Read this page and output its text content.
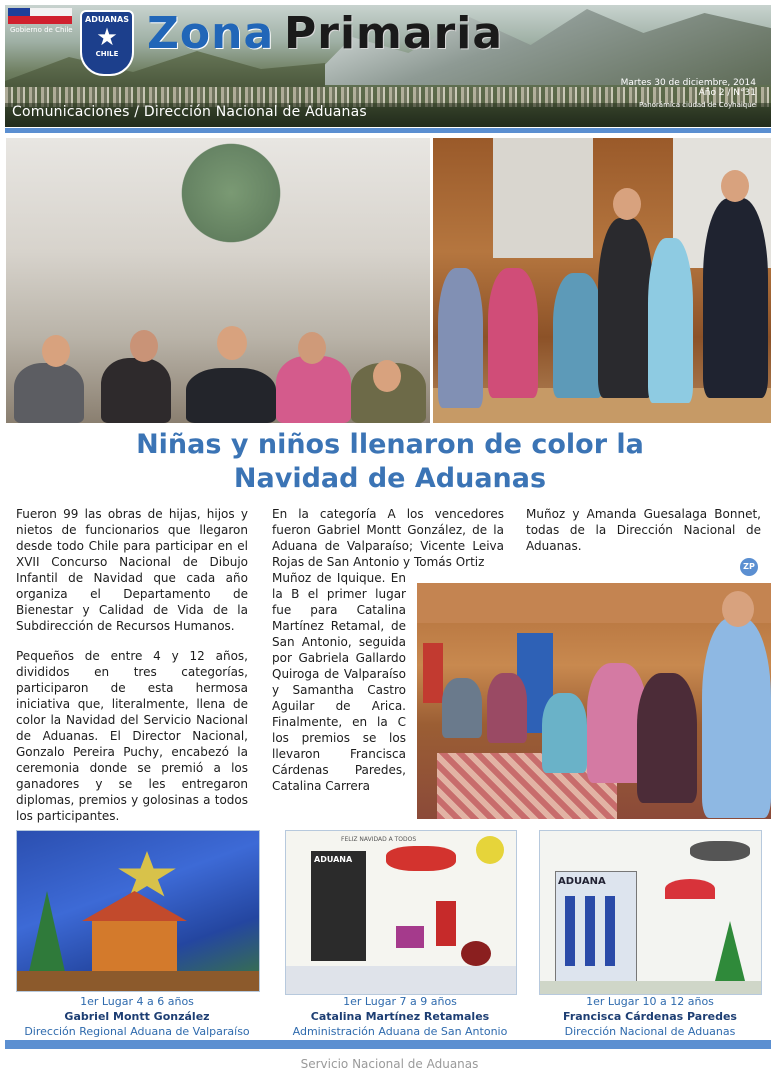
Gobierno de Chile
ADUANAS
★
CHILE Zona Primaria
Martes 30 de diciembre, 2014
Año 2 / N°31
Panorámica ciudad de Coyhaique
Comunicaciones / Dirección Nacional de Aduanas
Niñas y niños llenaron de color la
Navidad de Aduanas

Fueron 99 las obras de hijas, hijos y nietos de funcionarios que llegaron desde todo Chile para participar en el XVII Concurso Nacional de Dibujo Infantil de Navidad que cada año organiza el Departamento de Bienestar y Calidad de Vida de la Subdirección de Recursos Humanos.

Pequeños de entre 4 y 12 años, divididos en tres categorías, participaron de esta hermosa iniciativa que, literalmente, llena de color la Navidad del Servicio Nacional de Aduanas. El Director Nacional, Gonzalo Pereira Puchy, encabezó la ceremonia donde se premió a los ganadores y se les entregaron diplomas, premios y golosinas a todos los participantes.

En la categoría A los vencedores fueron Gabriel Montt González, de la Aduana de Valparaíso; Vicente Leiva Rojas de San Antonio y Tomás Ortiz
Muñoz de Iquique. En la B el primer lugar fue para Catalina Martínez Retamal, de San Antonio, seguida por Gabriela Gallardo Quiroga de Valparaíso y Samantha Castro Aguilar de Arica. Finalmente, en la C los premios se los llevaron Francisca Cárdenas Paredes, Catalina Carrera
Muñoz y Amanda Guesalaga Bonnet, todas de la Dirección Nacional de Aduanas.
ZP
FELIZ NAVIDAD A TODOS
ADUANA
ADUANA
1er Lugar 4 a 6 años
Gabriel Montt González
Dirección Regional Aduana de Valparaíso
1er Lugar 7 a 9 años
Catalina Martínez Retamales
Administración Aduana de San Antonio
1er Lugar 10 a 12 años
Francisca Cárdenas Paredes
Dirección Nacional de Aduanas
Servicio Nacional de Aduanas
